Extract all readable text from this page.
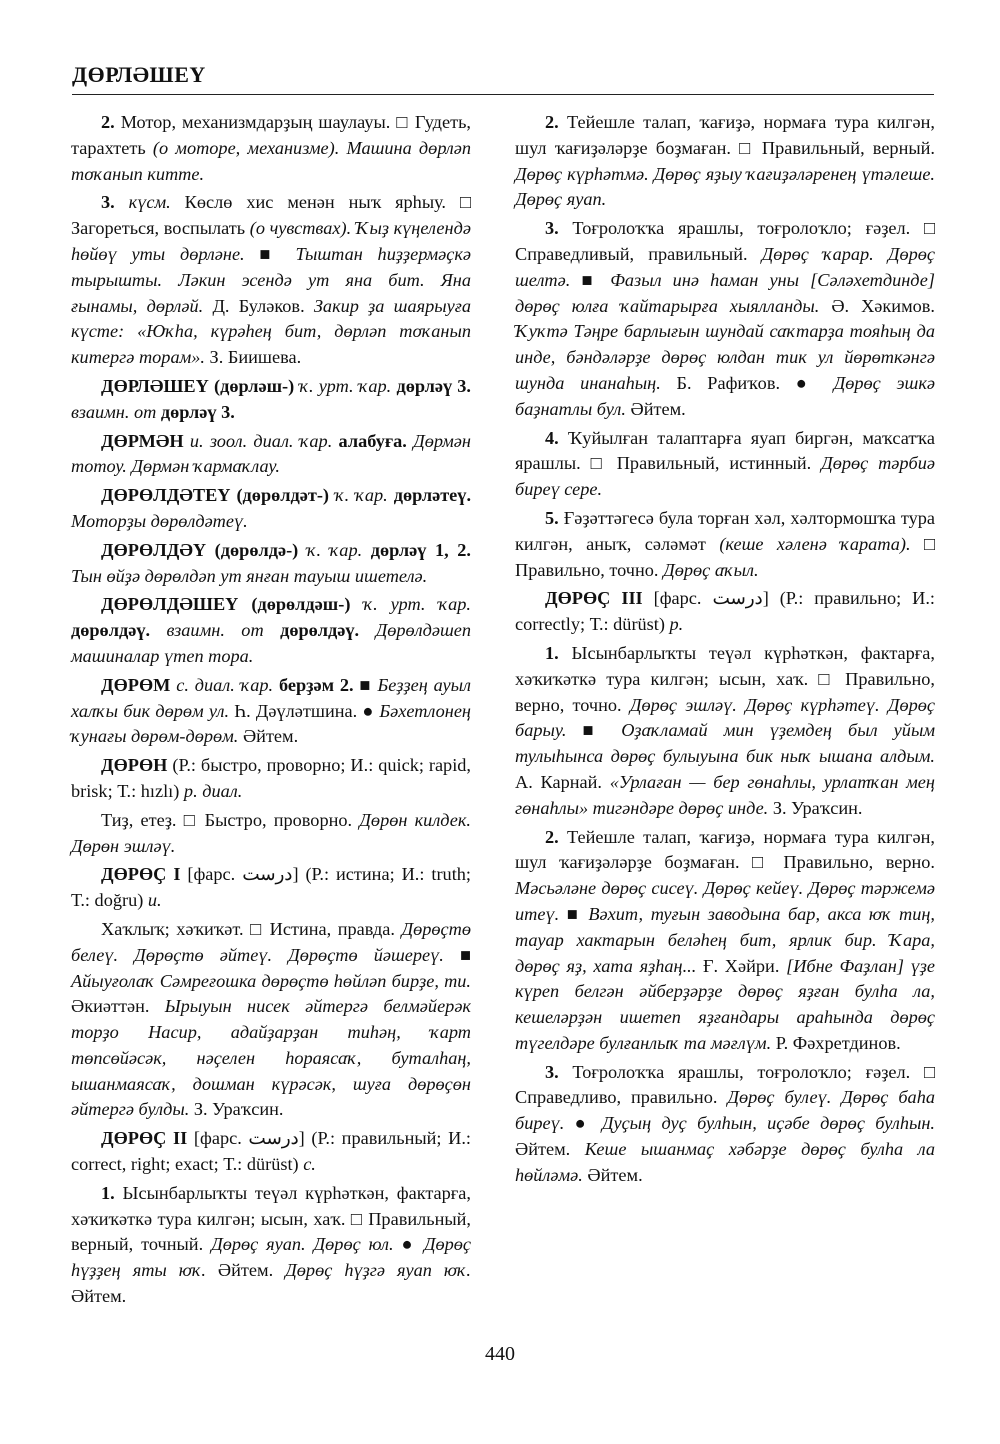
ДӨРЛӘШЕҮ

2. Мотор, механизмдарҙың шаулауы. □ Гудеть, тарахтеть (о моторе, механизме). Машина дөрләп тоҡанып китте.

3. күсм. Көслө хис менән ныҡ ярһыу. □ Загореться, воспылать (о чувствах). Ҡыҙ күңелендә һөйөү уты дөрләне. ■ Тыштан һиҙҙермәҫкә тырышты. Ләкин эсендә ут яна бит. Яна ғынамы, дөрләй. Д. Буләков. Закир ҙа шаярыуға күсте: «Юҡһа, күрәһең бит, дөрләп тоҡанып китергә торам». З. Биишева.

ДӨРЛӘШЕҮ (дөрләш-) ҡ. урт. ҡар. дөрләү 3. взаимн. от дөрләү 3.

ДӨРМӘН и. зоол. диал. ҡар. алабуға. Дөрмән тотоу. Дөрмән ҡармаҡлау.

ДӨРӨЛДӘТЕҮ (дөрөлдәт-) ҡ. ҡар. дөрләтеү. Моторҙы дөрөлдәтеү.

ДӨРӨЛДӘҮ (дөрөлдә-) ҡ. ҡар. дөрләү 1, 2. Тын өйҙә дөрөлдәп ут янған тауыш ишетелә.

ДӨРӨЛДӘШЕҮ (дөрөлдәш-) ҡ. урт. ҡар. дөрөлдәү. взаимн. от дөрөлдәү. Дөрөлдәшеп машиналар үтеп тора.

ДӨРӨМ с. диал. ҡар. берҙәм 2. ■ Беҙҙең ауыл халҡы бик дөрөм ул. Һ. Дәүләтшина. ● Бәхетлонең ҡунағы дөрөм-дөрөм. Әйтем.

ДӨРӨН (Р.: быстро, проворно; И.: quick; rapid, brisk; Т.: hızlı) р. диал.

Тиҙ, етеҙ. □ Быстро, проворно. Дөрөн килдек. Дөрөн эшләү.

ДӨРӨҪ I [фарс. درست] (Р.: истина; И.: truth; Т.: doğru) и.

Хаҡлыҡ; хәҡиҡәт. □ Истина, правда. Дөрөҫтө белеү. Дөрөҫтө әйтеү. Дөрөҫтө йәшереү. ■ Айыуғолаҡ Сәмреғошка дөрөҫтө һөйләп бирҙе, ти. Әкиәттән. Ырыуын нисек әйтергә белмәйерәк торҙо Насир, адайҙарҙан тиһәң, ҡарт төпсөйәсәк, нәҫелен һораясаҡ, буталһаң, ышанмаясаҡ, дошман күрәсәк, шуға дөрөҫөн әйтергә булды. З. Ураҡсин.

ДӨРӨҪ II [фарс. درست] (Р.: правильный; И.: correct, right; exact; Т.: dürüst) с.

1. Ысынбарлыҡты теүәл күрһәткән, фактарға, хәҡиҡәткә тура килгән; ысын, хаҡ. □ Правильный, верный, точный. Дөрөҫ яуап. Дөрөҫ юл. ● Дөрөҫ һүҙҙең яты юҡ. Әйтем. Дөрөҫ һүҙгә яуап юҡ. Әйтем.

2. Тейешле талап, ҡағиҙә, нормаға тура килгән, шул ҡағиҙәләрҙе боҙмаған. □ Правильный, верный. Дөрөҫ күрһәтмә. Дөрөҫ яҙыу ҡағиҙәләренең үтәлеше. Дөрөҫ яуап.

3. Тоғролоҡҡа ярашлы, тоғролоҡло; ғәҙел. □ Справедливый, правильный. Дөрөҫ ҡарар. Дөрөҫ шелтә. ■ Фазыл инә һаман уны [Сәләхетдинде] дөрөҫ юлға ҡайтарырға хыялланды. Ә. Хәкимов. Ҡуҡтә Тәңре барлығын шундай саҡтарҙа тояһың да инде, бәндәләрҙе дөрөҫ юлдан тик ул йөрөткәнгә шунда инанаһың. Б. Рафиҡов. ● Дөрөҫ эшкә баҙнатлы бул. Әйтем.

4. Ҡуйылған талаптарға яуап биргән, маҡсатҡа ярашлы. □ Правильный, истинный. Дөрөҫ тәрбиә биреү сере.

5. Ғәҙәттәгесә була торған хәл, хәлтормошҡа тура килгән, аныҡ, сәләмәт (кеше хәленә ҡарата). □ Правильно, точно. Дөрөҫ аҡыл.

ДӨРӨҪ III [фарс. درست] (Р.: правильно; И.: correctly; Т.: dürüst) р.

1. Ысынбарлыҡты теүәл күрһәткән, фактарға, хәҡиҡәткә тура килгән; ысын, хаҡ. □ Правильно, верно, точно. Дөрөҫ эшләү. Дөрөҫ күрһәтеү. Дөрөҫ барыу. ■ Оҙаҡламай мин үҙемдең был уйым тулыһынса дөрөҫ булыуына бик ныҡ ышана алдым. А. Карнай. «Урлаған — бер гөнаһлы, урлатҡан мең гөнаһлы» тигәндәре дөрөҫ инде. З. Ураҡсин.

2. Тейешле талап, ҡағиҙә, нормаға тура килгән, шул ҡағиҙәләрҙе боҙмаған. □ Правильно, верно. Мәсьәләне дөрөҫ сисеү. Дөрөҫ кейеү. Дөрөҫ тәржемә итеү. ■ Вәхит, туғын заводына бар, акса юҡ тиң, тауар хактарын беләһең бит, ярлик бир. Ҡара, дөрөҫ яҙ, хата яҙһаң... Ғ. Хәйри. [Ибне Фаҙлан] үҙе күреп белгән әйберҙәрҙе дөрөҫ яҙған булһа ла, кешеләрҙән ишетеп яҙғандары араһында дөрөҫ түгелдәре булғанлыҡ та мәғлүм. Р. Фәхретдинов.

3. Тоғролоҡҡа ярашлы, тоғролоҡло; ғәҙел. □ Справедливо, правильно. Дөрөҫ булеү. Дөрөҫ баһа биреү. ● Дуҫың дуҫ булһын, иҫәбе дөрөҫ булһын. Әйтем. Кеше ышанмаҫ хәбәрҙе дөрөҫ булһа ла һөйләмә. Әйтем.

440
